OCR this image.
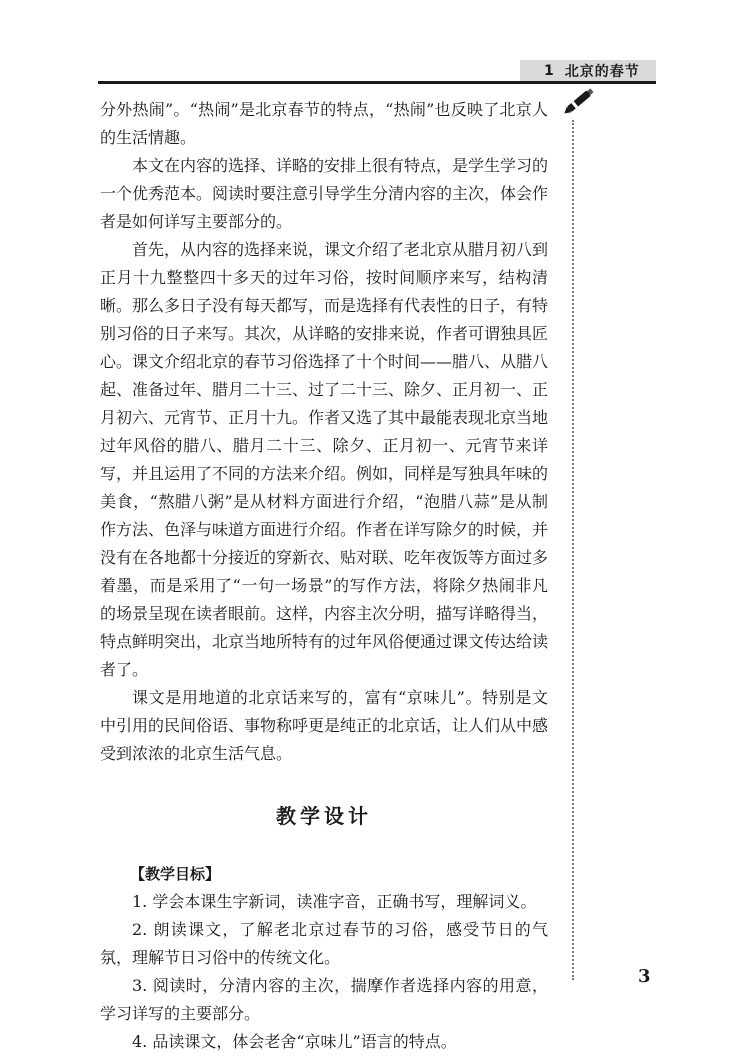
1 北京的春节

分外热闹”。“热闹”是北京春节的特点，“热闹”也反映了北京人的生活情趣。

本文在内容的选择、详略的安排上很有特点，是学生学习的一个优秀范本。阅读时要注意引导学生分清内容的主次，体会作者是如何详写主要部分的。

首先，从内容的选择来说，课文介绍了老北京从腊月初八到正月十九整整四十多天的过年习俗，按时间顺序来写，结构清晰。那么多日子没有每天都写，而是选择有代表性的日子，有特别习俗的日子来写。其次，从详略的安排来说，作者可谓独具匠心。课文介绍北京的春节习俗选择了十个时间——腊八、从腊八起、准备过年、腊月二十三、过了二十三、除夕、正月初一、正月初六、元宵节、正月十九。作者又选了其中最能表现北京当地过年风俗的腊八、腊月二十三、除夕、正月初一、元宵节来详写，并且运用了不同的方法来介绍。例如，同样是写独具年味的美食，“熬腊八粥”是从材料方面进行介绍，“泡腊八蒜”是从制作方法、色泽与味道方面进行介绍。作者在详写除夕的时候，并没有在各地都十分接近的穿新衣、贴对联、吃年夜饭等方面过多着墨，而是采用了“一句一场景”的写作方法，将除夕热闹非凡的场景呈现在读者眼前。这样，内容主次分明，描写详略得当，特点鲜明突出，北京当地所特有的过年风俗便通过课文传达给读者了。

课文是用地道的北京话来写的，富有“京味儿”。特别是文中引用的民间俗语、事物称呼更是纯正的北京话，让人们从中感受到浓浓的北京生活气息。

教学设计

【教学目标】

1. 学会本课生字新词，读准字音，正确书写，理解词义。

2. 朗读课文，了解老北京过春节的习俗，感受节日的气氛，理解节日习俗中的传统文化。

3. 阅读时，分清内容的主次，揣摩作者选择内容的用意，学习详写的主要部分。

4. 品读课文，体会老舍“京味儿”语言的特点。

3
